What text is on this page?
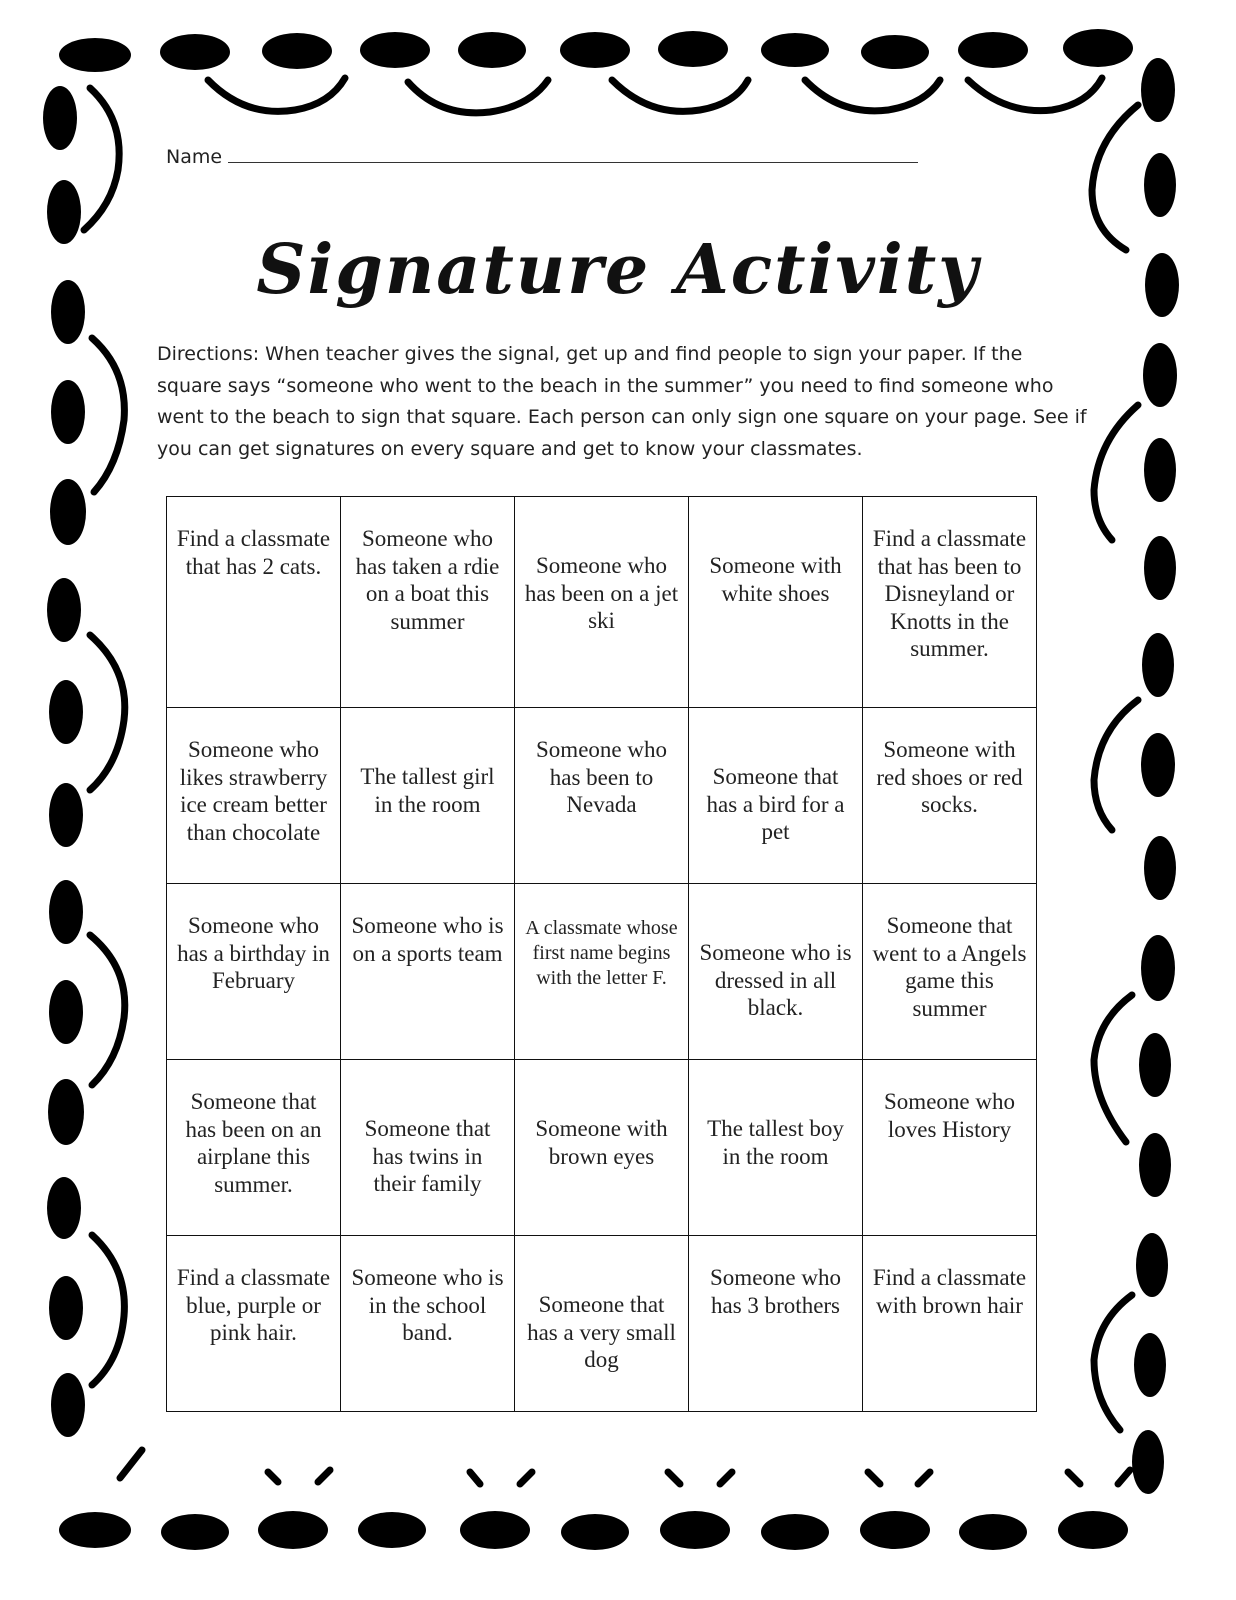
Name
Signature Activity
Directions: When teacher gives the signal, get up and find people to sign your paper. If the square says “someone who went to the beach in the summer” you need to find someone who went to the beach to sign that square. Each person can only sign one square on your page. See if you can get signatures on every square and get to know your classmates.
Find a classmate that has 2 cats.	Someone who has taken a rdie on a boat this summer	Someone who has been on a jet ski	Someone with white shoes	Find a classmate that has been to Disneyland or Knotts in the summer.
Someone who likes strawberry ice cream better than chocolate	The tallest girl in the room	Someone who has been to Nevada	Someone that has a bird for a pet	Someone with red shoes or red socks.
Someone who has a birthday in February	Someone who is on a sports team	A classmate whose first name begins with the letter F.	Someone who is dressed in all black.	Someone that went to a Angels game this summer
Someone that has been on an airplane this summer.	Someone that has twins in their family	Someone with brown eyes	The tallest boy in the room	Someone who loves History
Find a classmate blue, purple or pink hair.	Someone who is in the school band.	Someone that has a very small dog	Someone who has 3 brothers	Find a classmate with brown hair
